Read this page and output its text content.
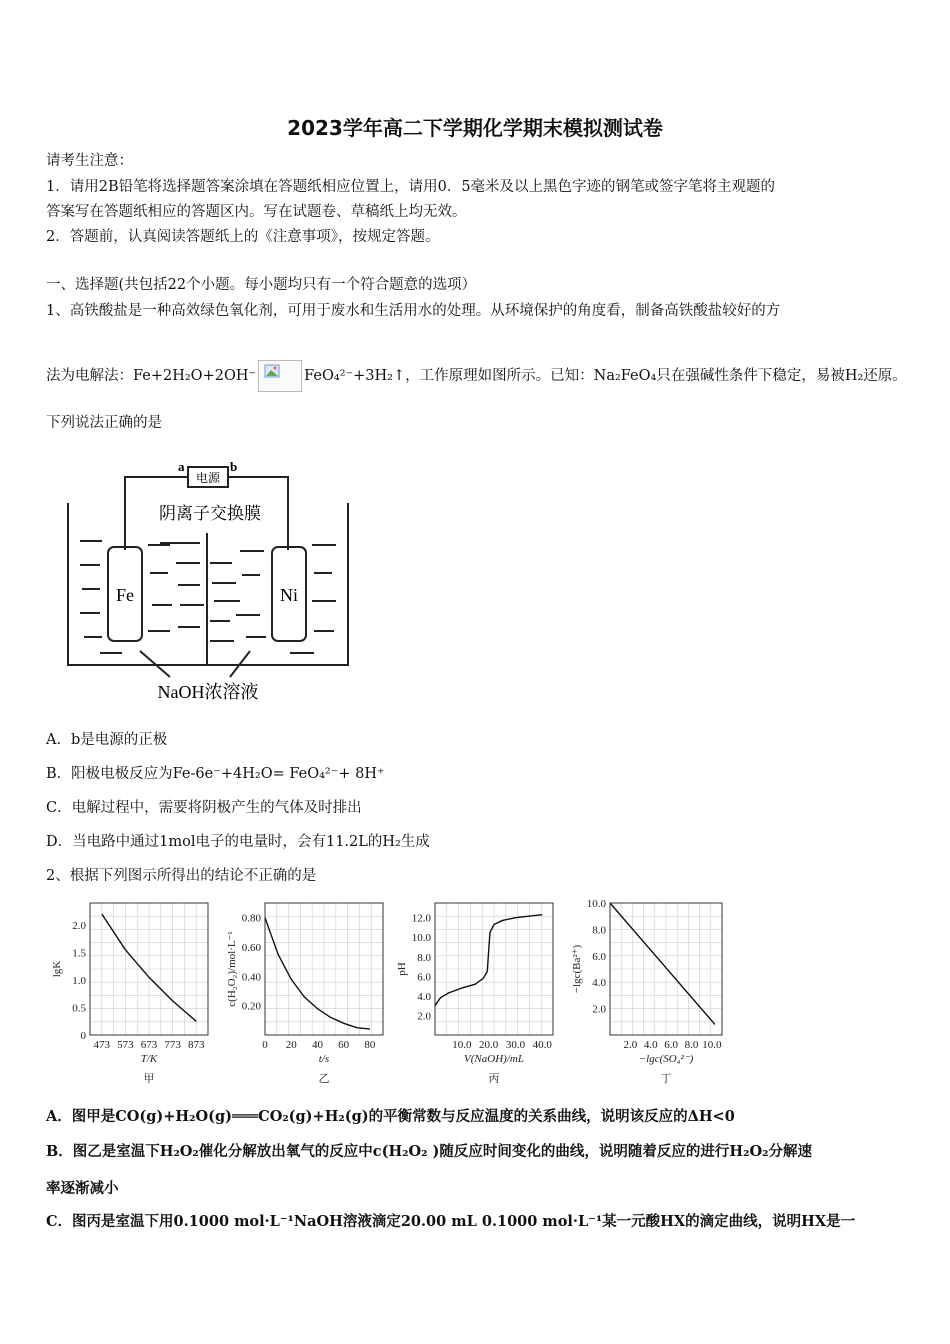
2023学年高二下学期化学期末模拟测试卷
请考生注意：
1．请用2B铅笔将选择题答案涂填在答题纸相应位置上，请用0．5毫米及以上黑色字迹的钢笔或签字笔将主观题的
答案写在答题纸相应的答题区内。写在试题卷、草稿纸上均无效。
2．答题前，认真阅读答题纸上的《注意事项》，按规定答题。
一、选择题(共包括22个小题。每小题均只有一个符合题意的选项）
1、高铁酸盐是一种高效绿色氧化剂，可用于废水和生活用水的处理。从环境保护的角度看，制备高铁酸盐较好的方
法为电解法：Fe+2H₂O+2OH⁻	FeO₄²⁻+3H₂↑，工作原理如图所示。已知：Na₂FeO₄只在强碱性条件下稳定，易被H₂还原。
下列说法正确的是
电源
a	b
阴离子交换膜
Fe	Ni
NaOH浓溶液
A．b是电源的正极
B．阳极电极反应为Fe-6e⁻+4H₂O= FeO₄²⁻+ 8H⁺
C．电解过程中，需要将阴极产生的气体及时排出
D．当电路中通过1mol电子的电量时，会有11.2L的H₂生成
2、根据下列图示所得出的结论不正确的是
473 573 673 773 873
0
0.5
1.0
1.5
2.0
T/K
lgK
甲
0 20 40 60 80
0.20
0.40
0.60
0.80
t/s
c(H₂O₂)/mol·L⁻¹
乙
10.0 20.0 30.0 40.0
2.0
4.0
6.0
8.0
10.0
12.0
V(NaOH)/mL
pH
丙
2.0 4.0 6.0 8.0 10.0
2.0
4.0
6.0
8.0
10.0
−lgc(SO₄²⁻)
−lgc(Ba²⁺)
丁
A．图甲是CO(g)+H₂O(g)═══CO₂(g)+H₂(g)的平衡常数与反应温度的关系曲线，说明该反应的ΔH<0
B．图乙是室温下H₂O₂催化分解放出氧气的反应中c(H₂O₂ )随反应时间变化的曲线，说明随着反应的进行H₂O₂分解速
率逐渐减小
C．图丙是室温下用0.1000 mol·L⁻¹NaOH溶液滴定20.00 mL 0.1000 mol·L⁻¹某一元酸HX的滴定曲线，说明HX是一
